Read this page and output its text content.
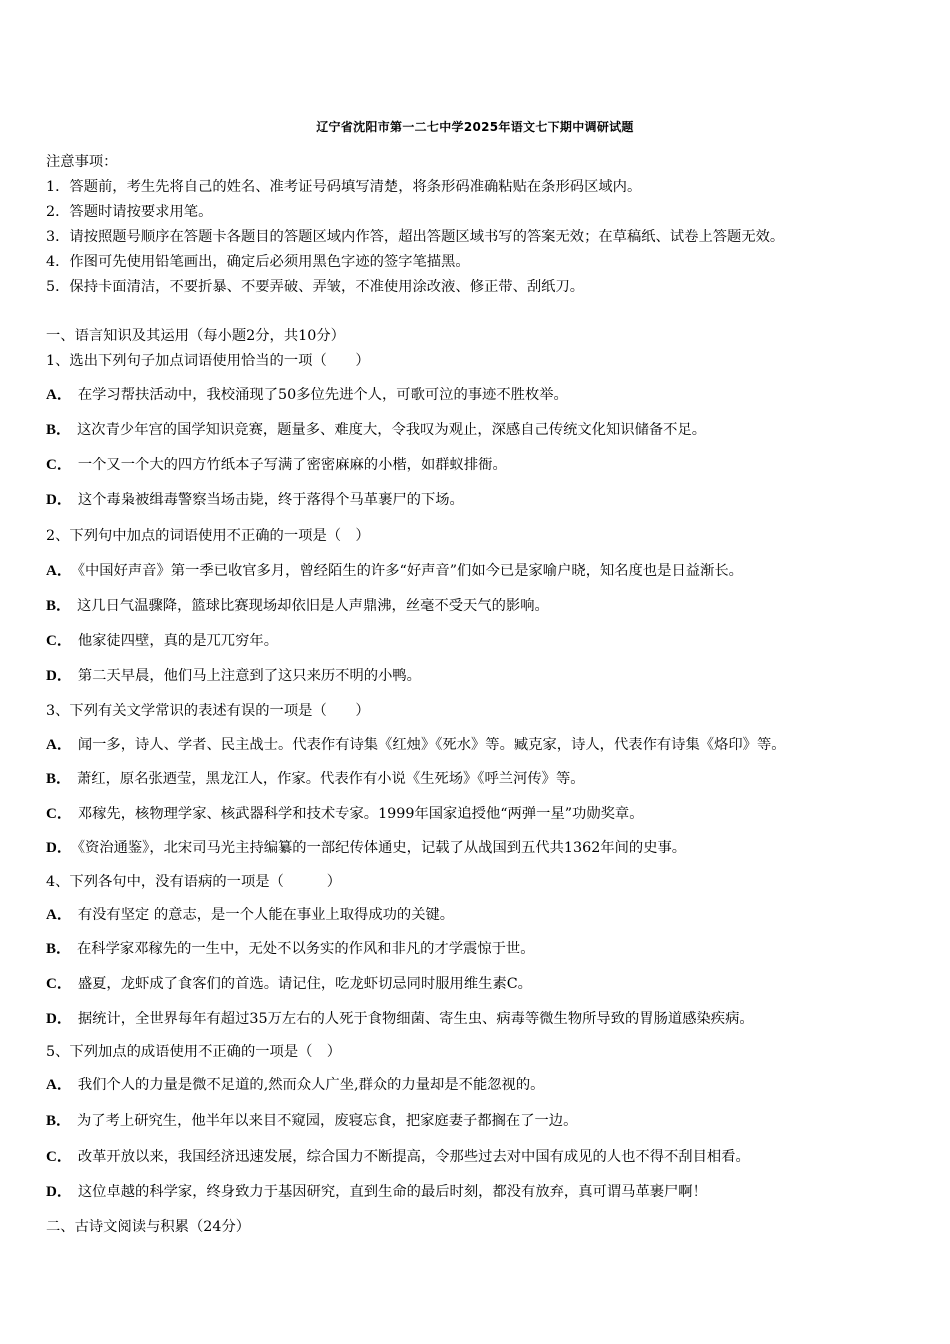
辽宁省沈阳市第一二七中学2025年语文七下期中调研试题
注意事项：
1．答题前，考生先将自己的姓名、准考证号码填写清楚，将条形码准确粘贴在条形码区域内。
2．答题时请按要求用笔。
3．请按照题号顺序在答题卡各题目的答题区域内作答，超出答题区域书写的答案无效；在草稿纸、试卷上答题无效。
4．作图可先使用铅笔画出，确定后必须用黑色字迹的签字笔描黑。
5．保持卡面清洁，不要折暴、不要弄破、弄皱，不准使用涂改液、修正带、刮纸刀。
一、语言知识及其运用（每小题2分，共10分）
1、选出下列句子加点词语使用恰当的一项（　　）
A． 在学习帮扶活动中，我校涌现了50多位先进个人，可歌可泣的事迹不胜枚举。
B． 这次青少年宫的国学知识竞赛，题量多、难度大，令我叹为观止，深感自己传统文化知识储备不足。
C． 一个又一个大的四方竹纸本子写满了密密麻麻的小楷，如群蚁排衙。
D． 这个毒枭被缉毒警察当场击毙，终于落得个马革裹尸的下场。
2、下列句中加点的词语使用不正确的一项是（　）
A． 《中国好声音》第一季已收官多月，曾经陌生的许多“好声音”们如今已是家喻户晓，知名度也是日益渐长。
B． 这几日气温骤降，篮球比赛现场却依旧是人声鼎沸，丝毫不受天气的影响。
C． 他家徒四壁，真的是兀兀穷年。
D． 第二天早晨，他们马上注意到了这只来历不明的小鸭。
3、下列有关文学常识的表述有误的一项是（　　）
A． 闻一多，诗人、学者、民主战士。代表作有诗集《红烛》《死水》等。臧克家，诗人，代表作有诗集《烙印》等。
B． 萧红，原名张迺莹，黑龙江人，作家。代表作有小说《生死场》《呼兰河传》等。
C． 邓稼先，核物理学家、核武器科学和技术专家。1999年国家追授他“两弹一星”功勋奖章。
D． 《资治通鉴》，北宋司马光主持编纂的一部纪传体通史，记载了从战国到五代共1362年间的史事。
4、下列各句中，没有语病的一项是（　　　）
A． 有没有坚定 的意志，是一个人能在事业上取得成功的关键。
B． 在科学家邓稼先的一生中，无处不以务实的作风和非凡的才学震惊于世。
C． 盛夏，龙虾成了食客们的首选。请记住，吃龙虾切忌同时服用维生素C。
D． 据统计，全世界每年有超过35万左右的人死于食物细菌、寄生虫、病毒等微生物所导致的胃肠道感染疾病。
5、下列加点的成语使用不正确的一项是（　）
A． 我们个人的力量是微不足道的,然而众人广坐,群众的力量却是不能忽视的。
B． 为了考上研究生，他半年以来目不窥园，废寝忘食，把家庭妻子都搁在了一边。
C． 改革开放以来，我国经济迅速发展，综合国力不断提高，令那些过去对中国有成见的人也不得不刮目相看。
D． 这位卓越的科学家，终身致力于基因研究，直到生命的最后时刻，都没有放弃，真可谓马革裹尸啊！
二、古诗文阅读与积累（24分）
